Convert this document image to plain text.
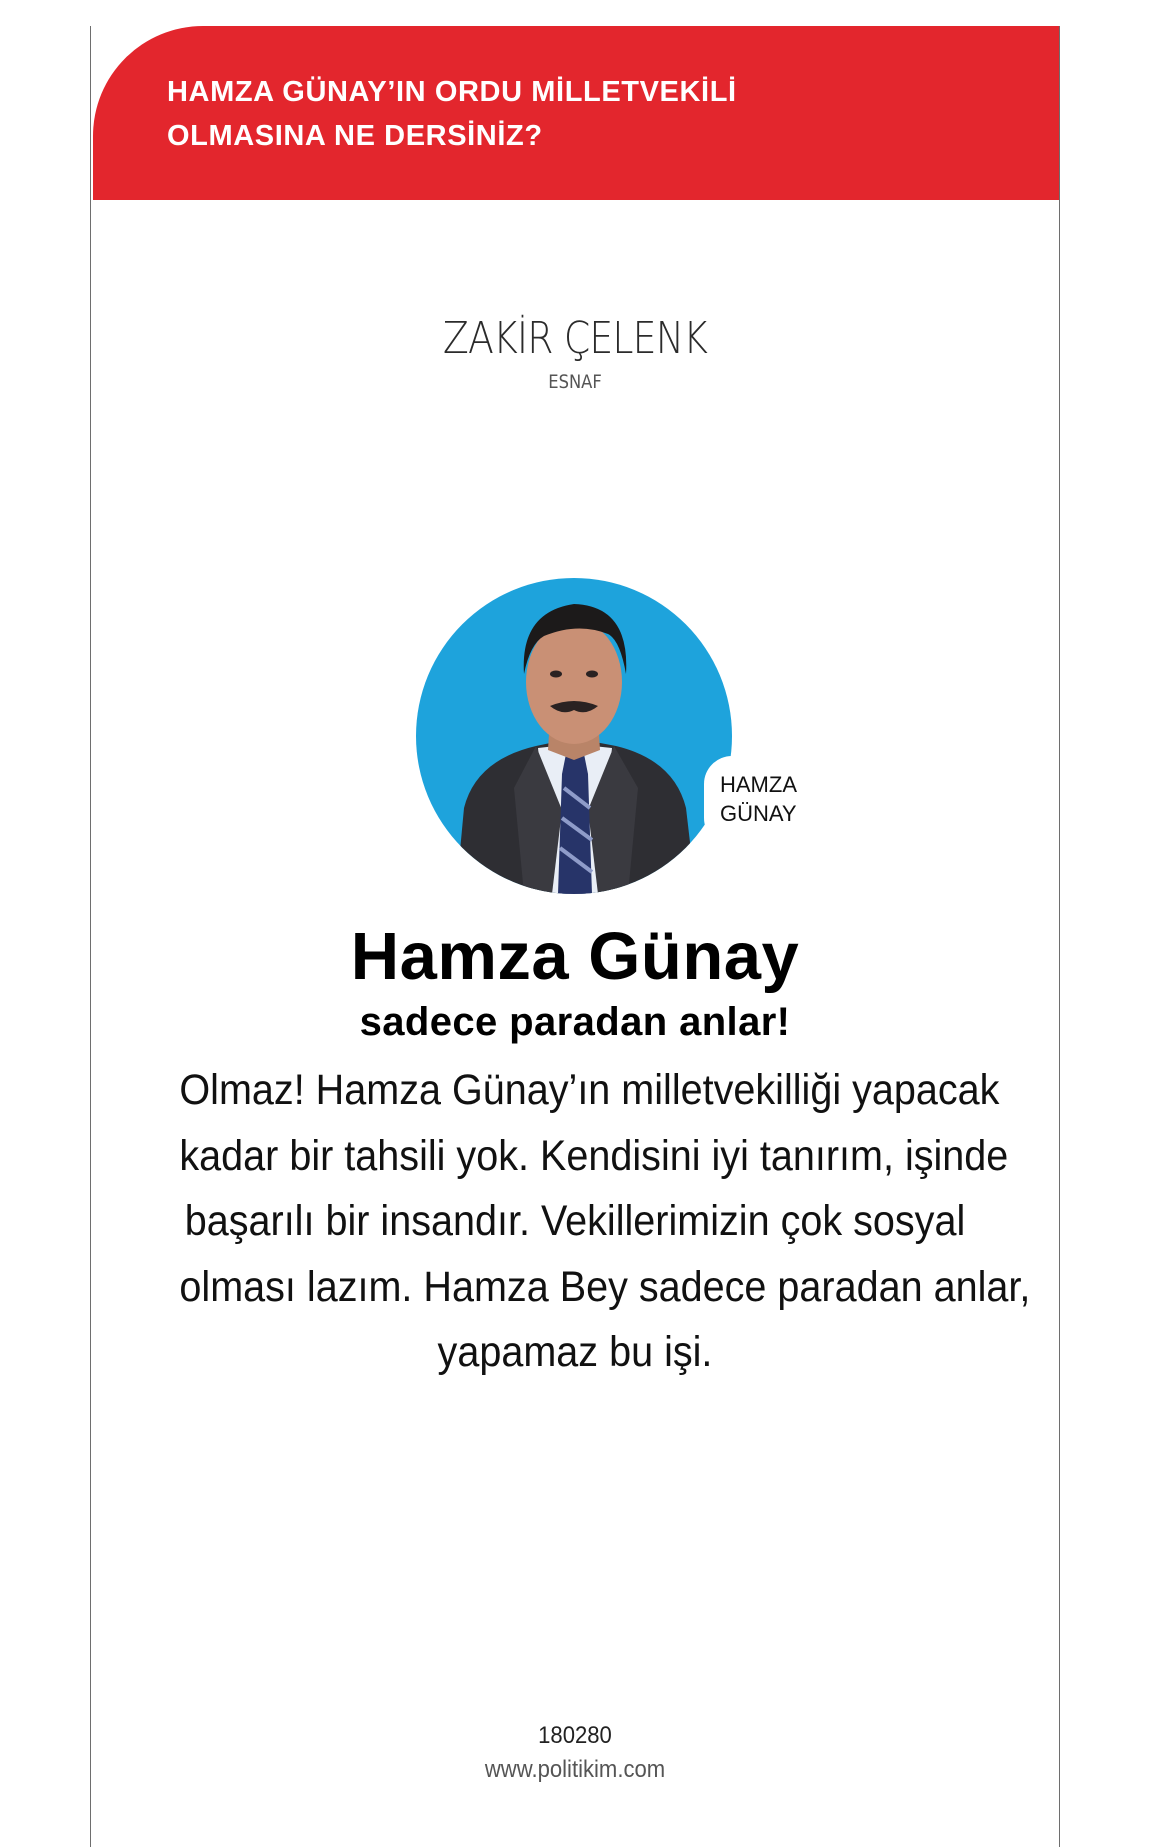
HAMZA GÜNAY’IN ORDU MİLLETVEKİLİ
OLMASINA NE DERSİNİZ?

ZAKİR ÇELENK
ESNAF
HAMZA
GÜNAY
Hamza Günay
sadece paradan anlar!

Olmaz! Hamza Günay’ın milletvekilliği yapacak
kadar bir tahsili yok. Kendisini iyi tanırım, işinde
başarılı bir insandır. Vekillerimizin çok sosyal
olması lazım. Hamza Bey sadece paradan anlar,
yapamaz bu işi.

180280
www.politikim.com
